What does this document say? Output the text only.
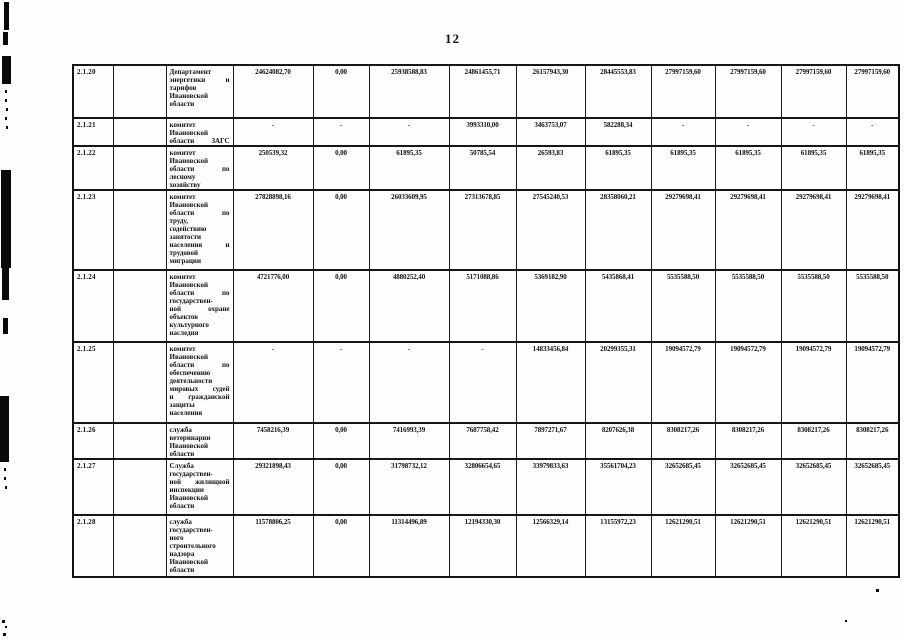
12
2.1.20		Департамент
энергетики и
тарифов
Ивановской
области	24624082,70	0,00	25938588,83	24861455,71	26157943,30	28445553,83	27997159,60	27997159,60	27997159,60	27997159,60
2.1.21		комитет
Ивановской
области ЗАГС	-	-	-	3993310,00	3463753,07	582288,34	-	-	-	-
2.1.22		комитет
Ивановской
области по
лесному
хозяйству	250539,32	0,00	61895,35	50785,54	26593,83	61895,35	61895,35	61895,35	61895,35	61895,35
2.1.23		комитет
Ивановской
области по
труду,
содействию
занятости
населения и
трудовой
миграции
	27828898,16	0,00	26033609,95	27313678,85	27545240,53	28358060,21	29279698,41	29279698,41	29279698,41	29279698,41
2.1.24		комитет
Ивановской
области по
государствен-
ной охране
объектов
культурного
наследия
	4721776,00	0,00	4880252,40	5171088,86	5369182,90	5435868,41	5535588,50	5535588,50	5535588,50	5535588,50
2.1.25		комитет
Ивановской
области по
обеспечению
деятельности
мировых судей
и гражданской
защиты
населения
	-	-	-	-	14833456,84	20299355,31	19094572,79	19094572,79	19094572,79	19094572,79
2.1.26		служба
ветеринарии
Ивановской
области	7458216,39	0,00	7416993,39	7687758,42	7897271,67	8207626,38	8308217,26	8308217,26	8308217,26	8308217,26
2.1.27		Служба
государствен-
ной жилищной
инспекции
Ивановской
области
	29321898,43	0,00	31798732,12	32806654,65	33979833,63	35561704,23	32652685,45	32652685,45	32652685,45	32652685,45
2.1.28		служба
государствен-
ного
строительного
надзора
Ивановской
области
	11578806,25	0,00	11314496,89	12194330,30	12566329,14	13155972,23	12621290,51	12621290,51	12621290,51	12621290,51
